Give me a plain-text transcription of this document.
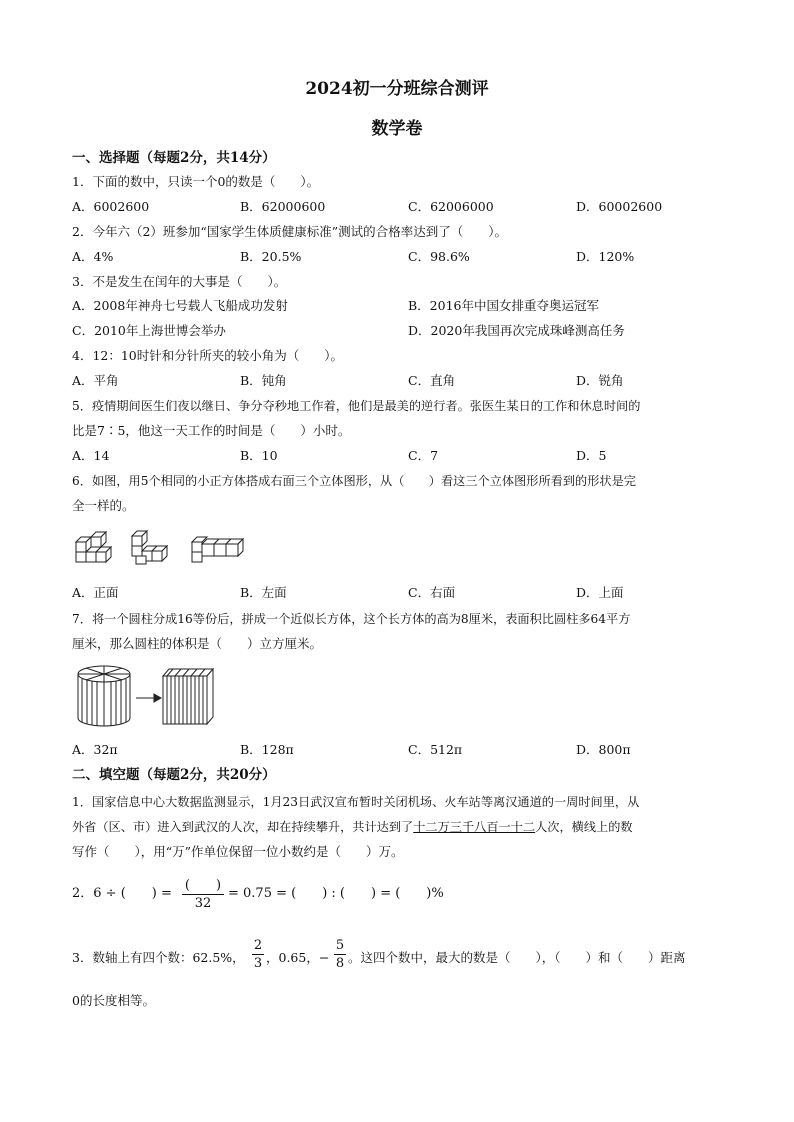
2024初一分班综合测评
数学卷
一、选择题（每题2分，共14分）
1．下面的数中，只读一个0的数是（　　）。
A．6002600	B．62000600	C．62006000	D．60002600
2．今年六（2）班参加“国家学生体质健康标准”测试的合格率达到了（　　）。
A．4%	B．20.5%	C．98.6%	D．120%
3．不是发生在闰年的大事是（　　）。
A．2008年神舟七号载人飞船成功发射	B．2016年中国女排重夺奥运冠军
C．2010年上海世博会举办	D．2020年我国再次完成珠峰测高任务
4．12：10时针和分针所夹的较小角为（　　）。
A．平角	B．钝角	C．直角	D．锐角
5．疫情期间医生们夜以继日、争分夺秒地工作着，他们是最美的逆行者。张医生某日的工作和休息时间的
比是7∶5，他这一天工作的时间是（　　）小时。
A．14	B．10	C．7	D．5
6．如图，用5个相同的小正方体搭成右面三个立体图形，从（　　）看这三个立体图形所看到的形状是完
全一样的。
A．正面	B．左面	C．右面	D．上面
7．将一个圆柱分成16等份后，拼成一个近似长方体，这个长方体的高为8厘米，表面积比圆柱多64平方
厘米，那么圆柱的体积是（　　）立方厘米。
A．32π	B．128π	C．512π	D．800π
二、填空题（每题2分，共20分）
1．国家信息中心大数据监测显示，1月23日武汉宣布暂时关闭机场、火车站等离汉通道的一周时间里，从
外省（区、市）进入到武汉的人次，却在持续攀升，共计达到了十二万三千八百一十二人次，横线上的数
写作（　　），用“万”作单位保留一位小数约是（　　）万。
2．6 ÷ (　　) =
(　　)
32
= 0.75 = (　　) : (　　) = (　　)%
3．数轴上有四个数：62.5%，
2
3 ，0.65，−
5
8 。这四个数中，最大的数是（　　），（　　）和（　　）距离
0的长度相等。
